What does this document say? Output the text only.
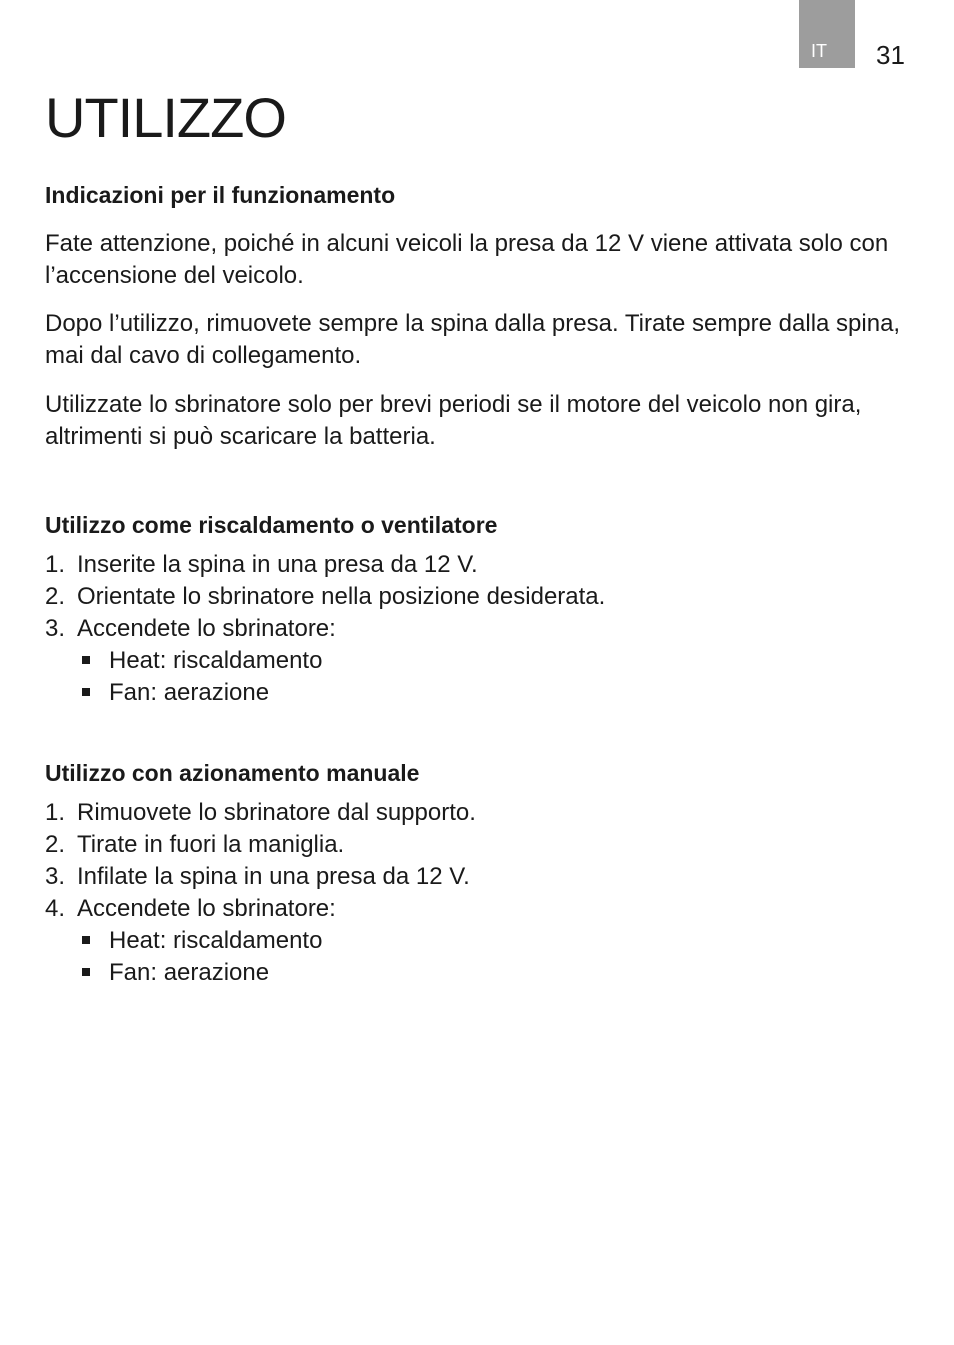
IT 31
UTILIZZO
Indicazioni per il funzionamento

Fate attenzione, poiché in alcuni veicoli la presa da 12 V viene attivata solo con l’accensione del veicolo.

Dopo l’utilizzo, rimuovete sempre la spina dalla presa. Tirate sempre dalla spina, mai dal cavo di collegamento.

Utilizzate lo sbrinatore solo per brevi periodi se il motore del veicolo non gira, altrimenti si può scaricare la batteria.

Utilizzo come riscaldamento o ventilatore
1. Inserite la spina in una presa da 12 V.
2. Orientate lo sbrinatore nella posizione desiderata.
3. Accendete lo sbrinatore:
Heat: riscaldamento
Fan: aerazione
Utilizzo con azionamento manuale
1. Rimuovete lo sbrinatore dal supporto.
2. Tirate in fuori la maniglia.
3. Infilate la spina in una presa da 12 V.
4. Accendete lo sbrinatore:
Heat: riscaldamento
Fan: aerazione
